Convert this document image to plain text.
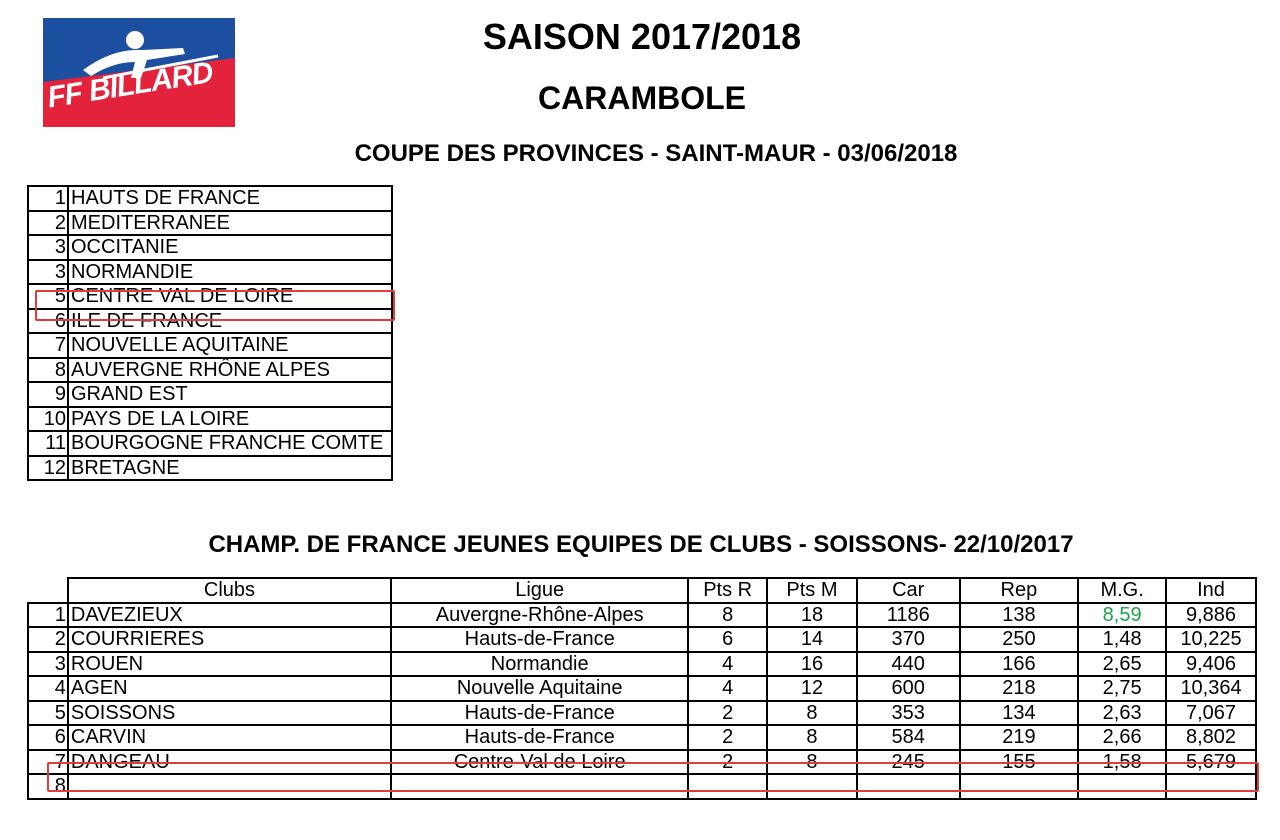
FF BILLARD
SAISON 2017/2018
CARAMBOLE
COUPE DES PROVINCES - SAINT-MAUR - 03/06/2018
1	HAUTS DE FRANCE
2	MEDITERRANEE
3	OCCITANIE
3	NORMANDIE
5	CENTRE VAL DE LOIRE
6	ILE DE FRANCE
7	NOUVELLE AQUITAINE
8	AUVERGNE RHÔNE ALPES
9	GRAND EST
10	PAYS DE LA LOIRE
11	BOURGOGNE FRANCHE COMTE
12	BRETAGNE
CHAMP. DE FRANCE JEUNES EQUIPES DE CLUBS - SOISSONS- 22/10/2017
	Clubs	Ligue	Pts R	Pts M	Car	Rep	M.G.	Ind
1	DAVEZIEUX	Auvergne-Rhône-Alpes	8	18	1186	138	8,59	9,886
2	COURRIERES	Hauts-de-France	6	14	370	250	1,48	10,225
3	ROUEN	Normandie	4	16	440	166	2,65	9,406
4	AGEN	Nouvelle Aquitaine	4	12	600	218	2,75	10,364
5	SOISSONS	Hauts-de-France	2	8	353	134	2,63	7,067
6	CARVIN	Hauts-de-France	2	8	584	219	2,66	8,802
7	DANGEAU	Centre-Val de Loire	2	8	245	155	1,58	5,679
8								
